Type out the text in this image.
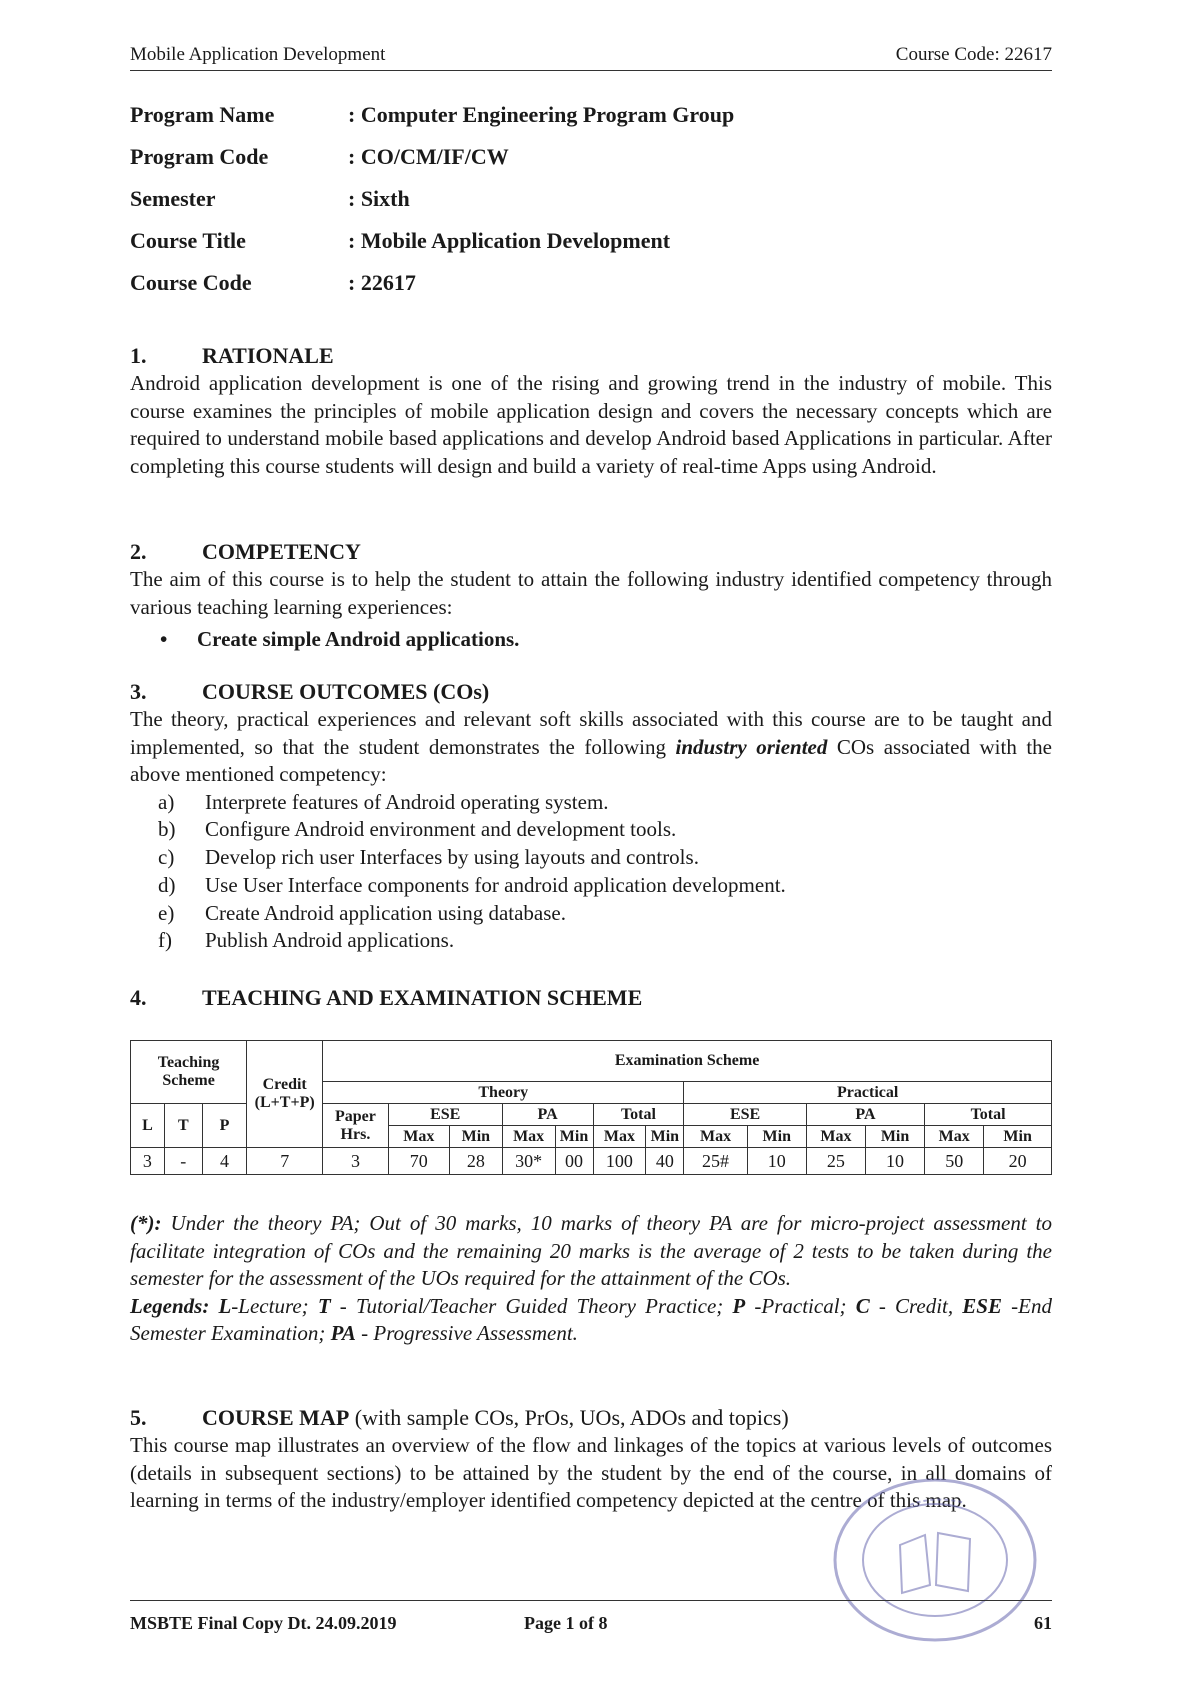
Mobile Application Development	Course Code: 22617
Program Name	: Computer Engineering Program Group
Program Code	: CO/CM/IF/CW
Semester	: Sixth
Course Title	: Mobile Application Development
Course Code	: 22617
1.	RATIONALE

Android application development is one of the rising and growing trend in the industry of mobile. This course examines the principles of mobile application design and covers the necessary concepts which are required to understand mobile based applications and develop Android based Applications in particular. After completing this course students will design and build a variety of real-time Apps using Android.

2.	COMPETENCY

The aim of this course is to help the student to attain the following industry identified competency through various teaching learning experiences:

• Create simple Android applications.
3.	COURSE OUTCOMES (COs)

The theory, practical experiences and relevant soft skills associated with this course are to be taught and implemented, so that the student demonstrates the following industry oriented COs associated with the above mentioned competency:

a)	Interprete features of Android operating system.
b)	Configure Android environment and development tools.
c)	Develop rich user Interfaces by using layouts and controls.
d)	Use User Interface components for android application development.
e)	Create Android application using database.
f)	Publish Android applications.
4.	TEACHING AND EXAMINATION SCHEME
Teaching Scheme			Credit (L+T+P)	Examination Scheme												
				Theory							Practical					
L	T	P		Paper Hrs.	ESE		PA		Total		ESE		PA		Total	
					Max	Min	Max	Min	Max	Min	Max	Min	Max	Min	Max	Min
3	-	4	7	3	70	28	30*	00	100	40	25#	10	25	10	50	20
(*): Under the theory PA; Out of 30 marks, 10 marks of theory PA are for micro-project assessment to facilitate integration of COs and the remaining 20 marks is the average of 2 tests to be taken during the semester for the assessment of the UOs required for the attainment of the COs.
Legends: L-Lecture; T - Tutorial/Teacher Guided Theory Practice; P -Practical; C - Credit, ESE -End Semester Examination; PA - Progressive Assessment.
5.	COURSE MAP (with sample COs, PrOs, UOs, ADOs and topics)

This course map illustrates an overview of the flow and linkages of the topics at various levels of outcomes (details in subsequent sections) to be attained by the student by the end of the course, in all domains of learning in terms of the industry/employer identified competency depicted at the centre of this map.

MSBTE Final Copy Dt. 24.09.2019	Page 1 of 8	61
